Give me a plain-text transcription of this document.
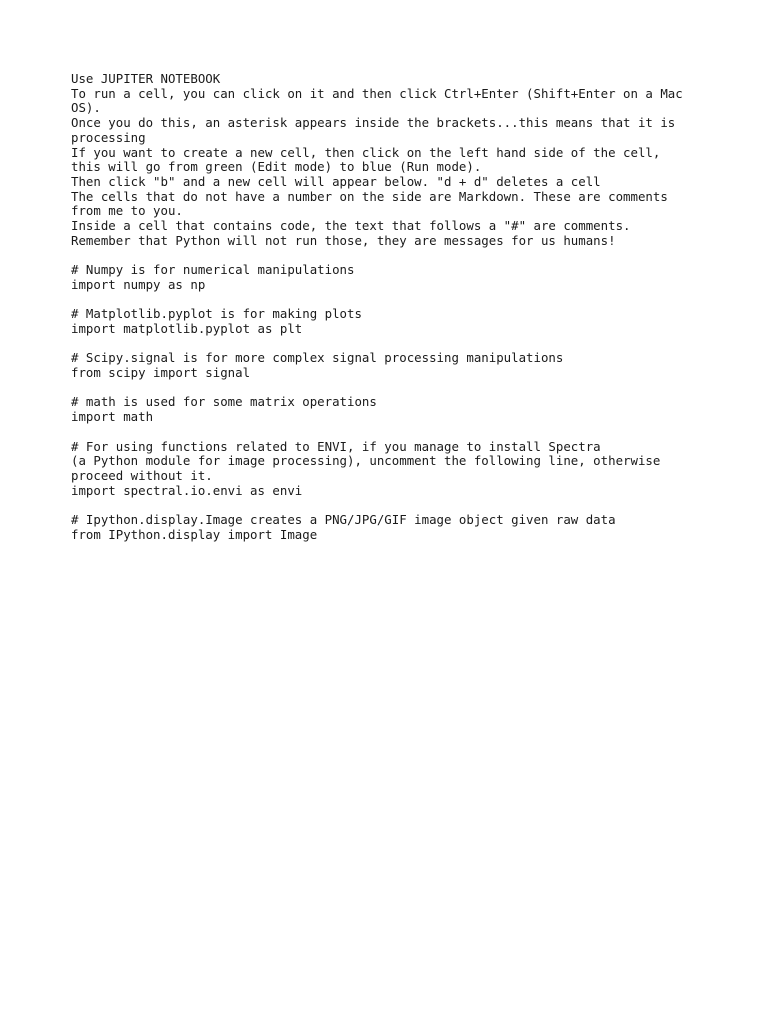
Use JUPITER NOTEBOOK
To run a cell, you can click on it and then click Ctrl+Enter (Shift+Enter on a Mac
OS).
Once you do this, an asterisk appears inside the brackets...this means that it is
processing
If you want to create a new cell, then click on the left hand side of the cell,
this will go from green (Edit mode) to blue (Run mode).
Then click "b" and a new cell will appear below. "d + d" deletes a cell
The cells that do not have a number on the side are Markdown. These are comments
from me to you.
Inside a cell that contains code, the text that follows a "#" are comments.
Remember that Python will not run those, they are messages for us humans!
# Numpy is for numerical manipulations
import numpy as np
# Matplotlib.pyplot is for making plots
import matplotlib.pyplot as plt
# Scipy.signal is for more complex signal processing manipulations
from scipy import signal
# math is used for some matrix operations
import math
# For using functions related to ENVI, if you manage to install Spectra
(a Python module for image processing), uncomment the following line, otherwise
proceed without it.
import spectral.io.envi as envi
# Ipython.display.Image creates a PNG/JPG/GIF image object given raw data
from IPython.display import Image
